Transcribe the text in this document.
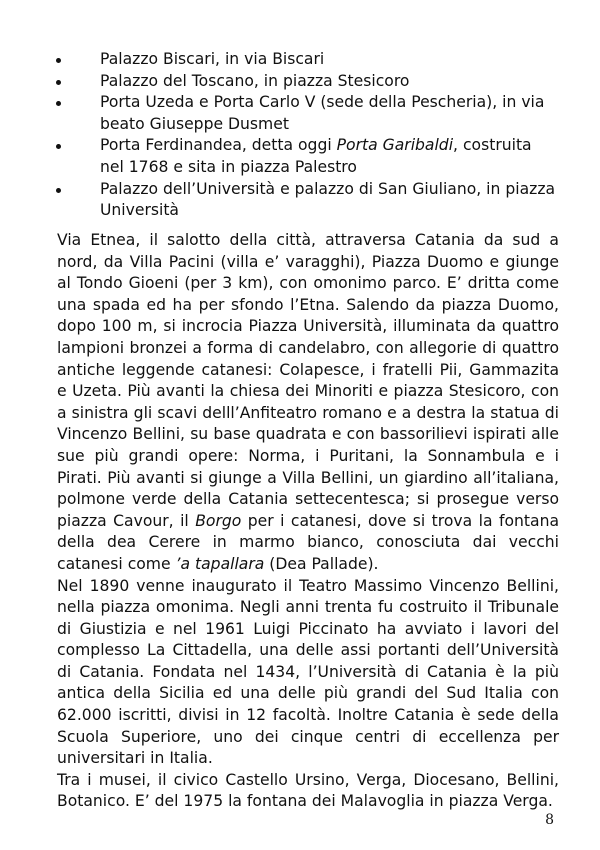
Palazzo Biscari, in via Biscari
Palazzo del Toscano, in piazza Stesicoro
Porta Uzeda e Porta Carlo V (sede della Pescheria), in via beato Giuseppe Dusmet
Porta Ferdinandea, detta oggi Porta Garibaldi, costruita nel 1768 e sita in piazza Palestro
Palazzo dell’Università e palazzo di San Giuliano, in piazza Università

Via Etnea, il salotto della città, attraversa Catania da sud a nord, da Villa Pacini (villa e’ varagghi), Piazza Duomo e giunge al Tondo Gioeni (per 3 km), con omonimo parco. E’ dritta come una spada ed ha per sfondo l’Etna. Salendo da piazza Duomo, dopo 100 m, si incrocia Piazza Università, illuminata da quattro lampioni bronzei a forma di candelabro, con allegorie di quattro antiche leggende catanesi: Colapesce, i fratelli Pii, Gammazita e Uzeta. Più avanti la chiesa dei Minoriti e piazza Stesicoro, con a sinistra gli scavi delll’Anfiteatro romano e a destra la statua di Vincenzo Bellini, su base quadrata e con bassorilievi ispirati alle sue più grandi opere: Norma, i Puritani, la Sonnambula e i Pirati. Più avanti si giunge a Villa Bellini, un giardino all’italiana, polmone verde della Catania settecentesca; si prosegue verso piazza Cavour, il Borgo per i catanesi, dove si trova la fontana della dea Cerere in marmo bianco, conosciuta dai vecchi catanesi come ’a tapallara (Dea Pallade).

Nel 1890 venne inaugurato il Teatro Massimo Vincenzo Bellini, nella piazza omonima. Negli anni trenta fu costruito il Tribunale di Giustizia e nel 1961 Luigi Piccinato ha avviato i lavori del complesso La Cittadella, una delle assi portanti dell’Università di Catania. Fondata nel 1434, l’Università di Catania è la più antica della Sicilia ed una delle più grandi del Sud Italia con 62.000 iscritti, divisi in 12 facoltà. Inoltre Catania è sede della Scuola Superiore, uno dei cinque centri di eccellenza per universitari in Italia.

Tra i musei, il civico Castello Ursino, Verga, Diocesano, Bellini, Botanico. E’ del 1975 la fontana dei Malavoglia in piazza Verga.

8
